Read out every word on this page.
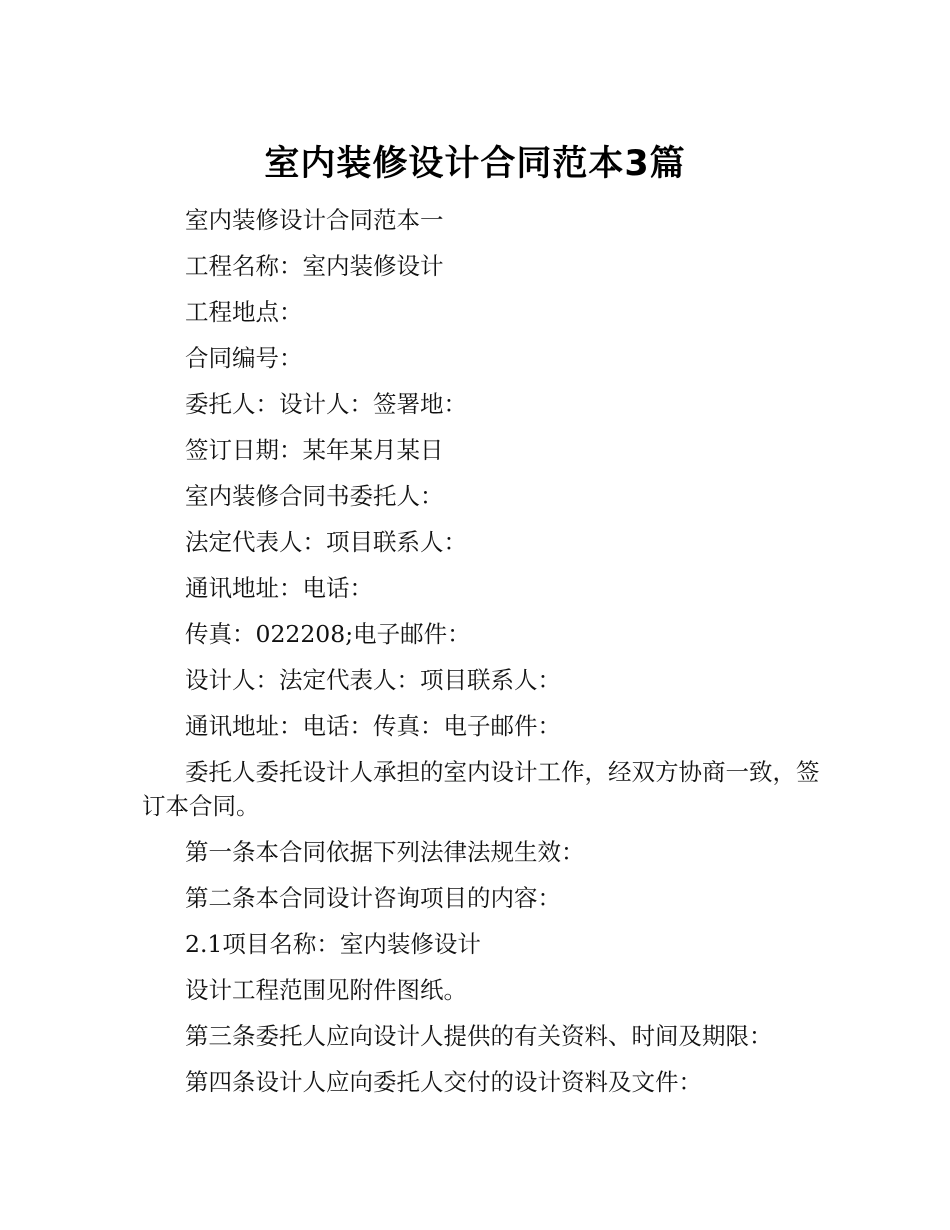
室内装修设计合同范本3篇

室内装修设计合同范本一

工程名称：室内装修设计

工程地点：

合同编号：

委托人：设计人：签署地：

签订日期：某年某月某日

室内装修合同书委托人：

法定代表人：项目联系人：

通讯地址：电话：

传真：022208;电子邮件：

设计人：法定代表人：项目联系人：

通讯地址：电话：传真：电子邮件：

委托人委托设计人承担的室内设计工作，经双方协商一致，签订本合同。

第一条本合同依据下列法律法规生效：

第二条本合同设计咨询项目的内容：

2.1项目名称：室内装修设计

设计工程范围见附件图纸。

第三条委托人应向设计人提供的有关资料、时间及期限：

第四条设计人应向委托人交付的设计资料及文件：
